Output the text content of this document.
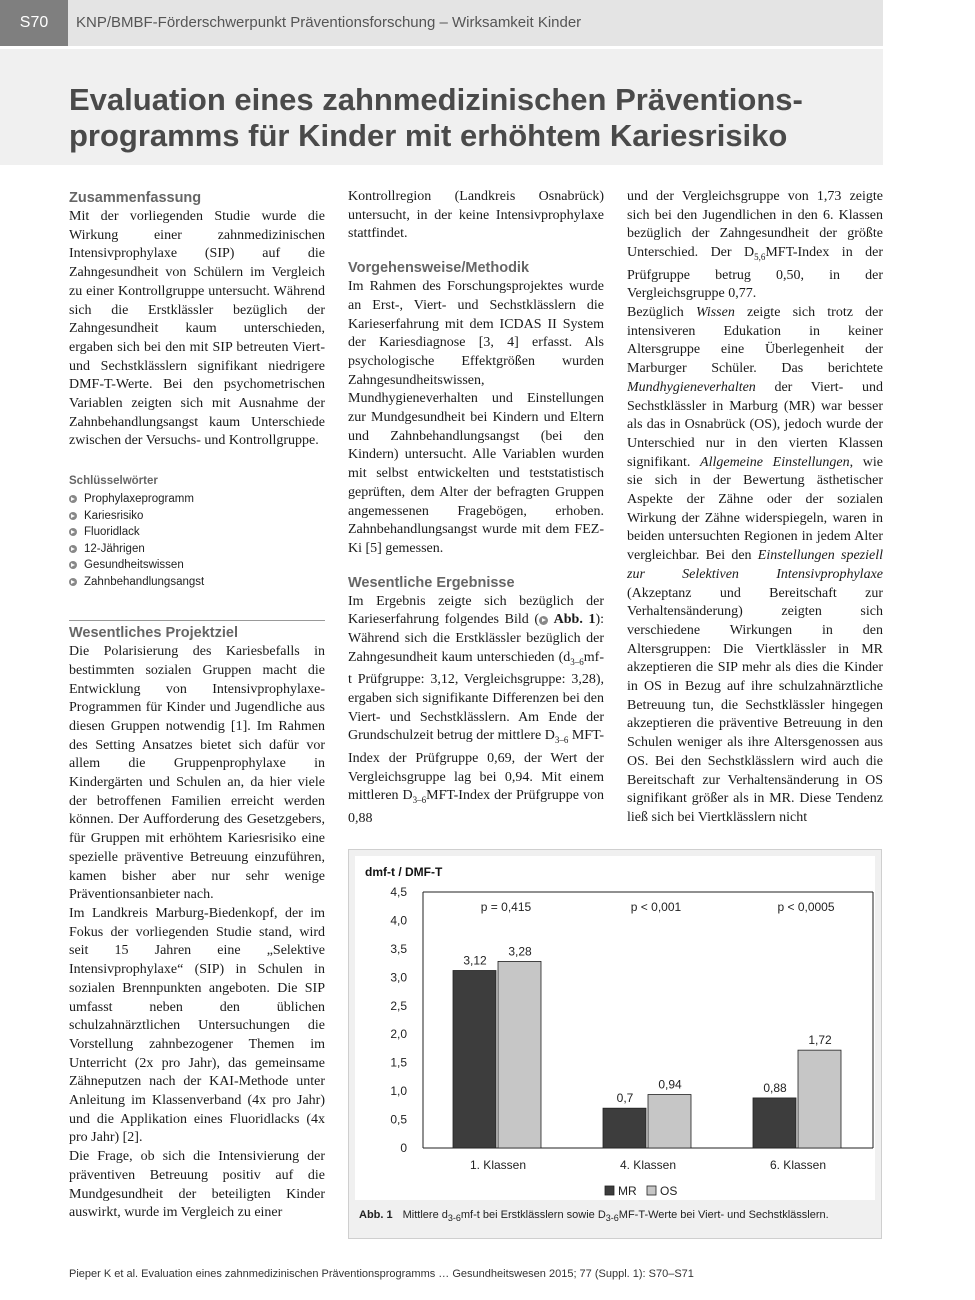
S70	KNP/BMBF-Förderschwerpunkt Präventionsforschung – Wirksamkeit Kinder
Evaluation eines zahnmedizinischen Präventions-
programms für Kinder mit erhöhtem Kariesrisiko
Zusammenfassung

Mit der vorliegenden Studie wurde die Wirkung einer zahnmedizinischen Intensivprophylaxe (SIP) auf die Zahngesundheit von Schülern im Vergleich zu einer Kontrollgruppe untersucht. Während sich die Erstklässler bezüglich der Zahngesundheit kaum unterschieden, ergaben sich bei den mit SIP betreuten Viert- und Sechstklässlern signifikant niedrigere DMF-T-Werte. Bei den psychometrischen Variablen zeigten sich mit Ausnahme der Zahnbehandlungsangst kaum Unterschiede zwischen der Versuchs- und Kontrollgruppe.

Schlüsselwörter
Prophylaxeprogramm
Kariesrisiko
Fluoridlack
12-Jährigen
Gesundheitswissen
Zahnbehandlungsangst
Wesentliches Projektziel

Die Polarisierung des Kariesbefalls in bestimmten sozialen Gruppen macht die Entwicklung von Intensivprophylaxe-Programmen für Kinder und Jugendliche aus diesen Gruppen notwendig [1]. Im Rahmen des Setting Ansatzes bietet sich dafür vor allem die Gruppenprophylaxe in Kindergärten und Schulen an, da hier viele der betroffenen Familien erreicht werden können. Der Aufforderung des Gesetzgebers, für Gruppen mit erhöhtem Kariesrisiko eine spezielle präventive Betreuung einzuführen, kamen bisher aber nur sehr wenige Präventionsanbieter nach.

Im Landkreis Marburg-Biedenkopf, der im Fokus der vorliegenden Studie stand, wird seit 15 Jahren eine „Selektive Intensivprophylaxe“ (SIP) in Schulen in sozialen Brennpunkten angeboten. Die SIP umfasst neben den üblichen schulzahnärztlichen Untersuchungen die Vorstellung zahnbezogener Themen im Unterricht (2x pro Jahr), das gemeinsame Zähneputzen nach der KAI-Methode unter Anleitung im Klassenverband (4x pro Jahr) und die Applikation eines Fluoridlacks (4x pro Jahr) [2].

Die Frage, ob sich die Intensivierung der präventiven Betreuung positiv auf die Mundgesundheit der beteiligten Kinder auswirkt, wurde im Vergleich zu einer

Kontrollregion (Landkreis Osnabrück) untersucht, in der keine Intensivprophylaxe stattfindet.

Vorgehensweise/Methodik

Im Rahmen des Forschungsprojektes wurde an Erst-, Viert- und Sechstklässlern die Karieserfahrung mit dem ICDAS II System der Kariesdiagnose [3, 4] erfasst. Als psychologische Effektgrößen wurden Zahngesundheitswissen, Mundhygieneverhalten und Einstellungen zur Mundgesundheit bei Kindern und Eltern und Zahnbehandlungsangst (bei den Kindern) untersucht. Alle Variablen wurden mit selbst entwickelten und teststatistisch geprüften, dem Alter der befragten Gruppen angemessenen Fragebögen, erhoben. Zahnbehandlungsangst wurde mit dem FEZ-Ki [5] gemessen.

Wesentliche Ergebnisse

Im Ergebnis zeigte sich bezüglich der Karieserfahrung folgendes Bild ( Abb. 1): Während sich die Erstklässler bezüglich der Zahngesundheit kaum unterschieden ($d_{3-6}mf-t$ Prüfgruppe: 3,12, Vergleichsgruppe: 3,28), ergaben sich signifikante Differenzen bei den Viert- und Sechstklässlern. Am Ende der Grundschulzeit betrug der mittlere $D_{3-6}$ MFT-Index der Prüfgruppe 0,69, der Wert der Vergleichsgruppe lag bei 0,94. Mit einem mittleren $D_{3-6}MFT$-Index der Prüfgruppe von 0,88

und der Vergleichsgruppe von 1,73 zeigte sich bei den Jugendlichen in den 6. Klassen bezüglich der Zahngesundheit der größte Unterschied. Der $D_{5,6}MFT$-Index in der Prüfgruppe betrug 0,50, in der Vergleichsgruppe 0,77.

Bezüglich Wissen zeigte sich trotz der intensiveren Edukation in keiner Altersgruppe eine Überlegenheit der Marburger Schüler. Das berichtete Mundhygieneverhalten der Viert- und Sechstklässler in Marburg (MR) war besser als das in Osnabrück (OS), jedoch wurde der Unterschied nur in den vierten Klassen signifikant. Allgemeine Einstellungen, wie sie sich in der Bewertung ästhetischer Aspekte der Zähne oder der sozialen Wirkung der Zähne widerspiegeln, waren in beiden untersuchten Regionen in jedem Alter vergleichbar. Bei den Einstellungen speziell zur Selektiven Intensivprophylaxe (Akzeptanz und Bereitschaft zur Verhaltensänderung) zeigten sich verschiedene Wirkungen in den Altersgruppen: Die Viertklässler in MR akzeptieren die SIP mehr als dies die Kinder in OS in Bezug auf ihre schulzahnärztliche Betreuung tun, die Sechstklässler hingegen akzeptieren die präventive Betreuung in den Schulen weniger als ihre Altersgenossen aus OS. Bei den Sechstklässlern wird auch die Bereitschaft zur Verhaltensänderung in OS signifikant größer als in MR. Diese Tendenz ließ sich bei Viertklässlern nicht

dmf-t / DMF-T
4,5
4,0
3,5
3,0
2,5
2,0
1,5
1,0
0,5
0
3,12
3,28
1. Klassen
p = 0,415
0,7
0,94
4. Klassen
p < 0,001
0,88
1,72
6. Klassen
p < 0,0005
MR OS
Abb. 1 Mittlere $d_{3-6}mf-t$ bei Erstklässlern sowie $D_{3-6}MF-T$-Werte bei Viert- und Sechstklässlern.
Pieper K et al. Evaluation eines zahnmedizinischen Präventionsprogramms … Gesundheitswesen 2015; 77 (Suppl. 1): S70–S71
